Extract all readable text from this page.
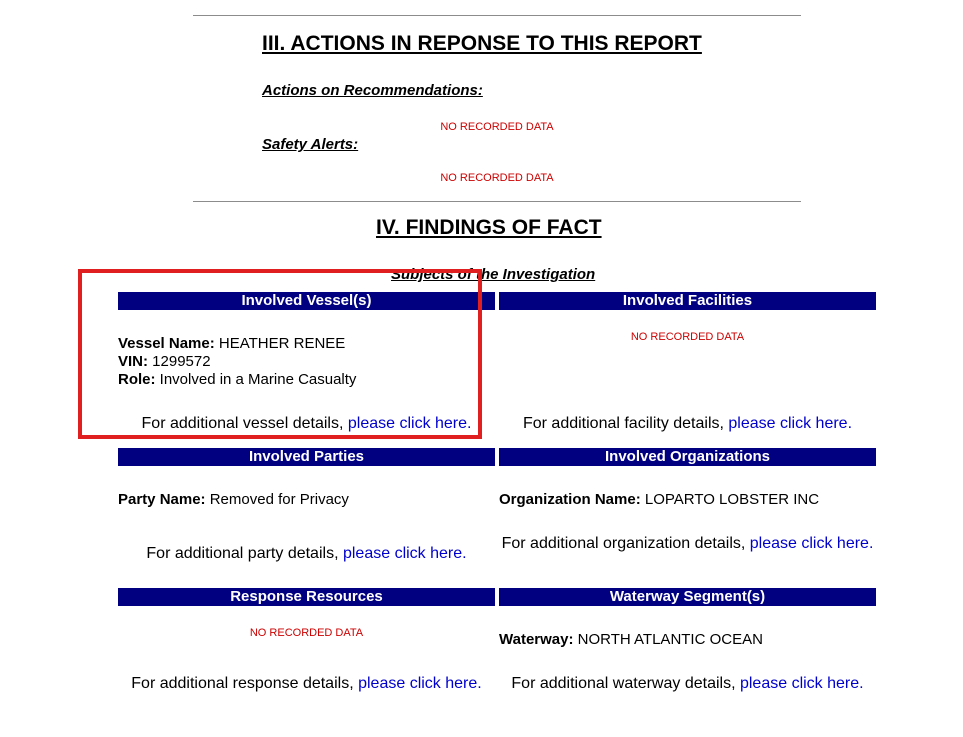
III. ACTIONS IN REPONSE TO THIS REPORT
Actions on Recommendations:
NO RECORDED DATA
Safety Alerts:
NO RECORDED DATA
IV. FINDINGS OF FACT
Subjects of the Investigation
Involved Vessel(s)	Involved Facilities
Vessel Name: HEATHER RENEE
VIN: 1299572
Role: Involved in a Marine Casualty
For additional vessel details, please click here.
NO RECORDED DATA
For additional facility details, please click here.
Involved Parties	Involved Organizations
Party Name: Removed for Privacy
For additional party details, please click here.
Organization Name: LOPARTO LOBSTER INC
For additional organization details, please click here.
Response Resources	Waterway Segment(s)
NO RECORDED DATA
For additional response details, please click here.
Waterway: NORTH ATLANTIC OCEAN
For additional waterway details, please click here.
